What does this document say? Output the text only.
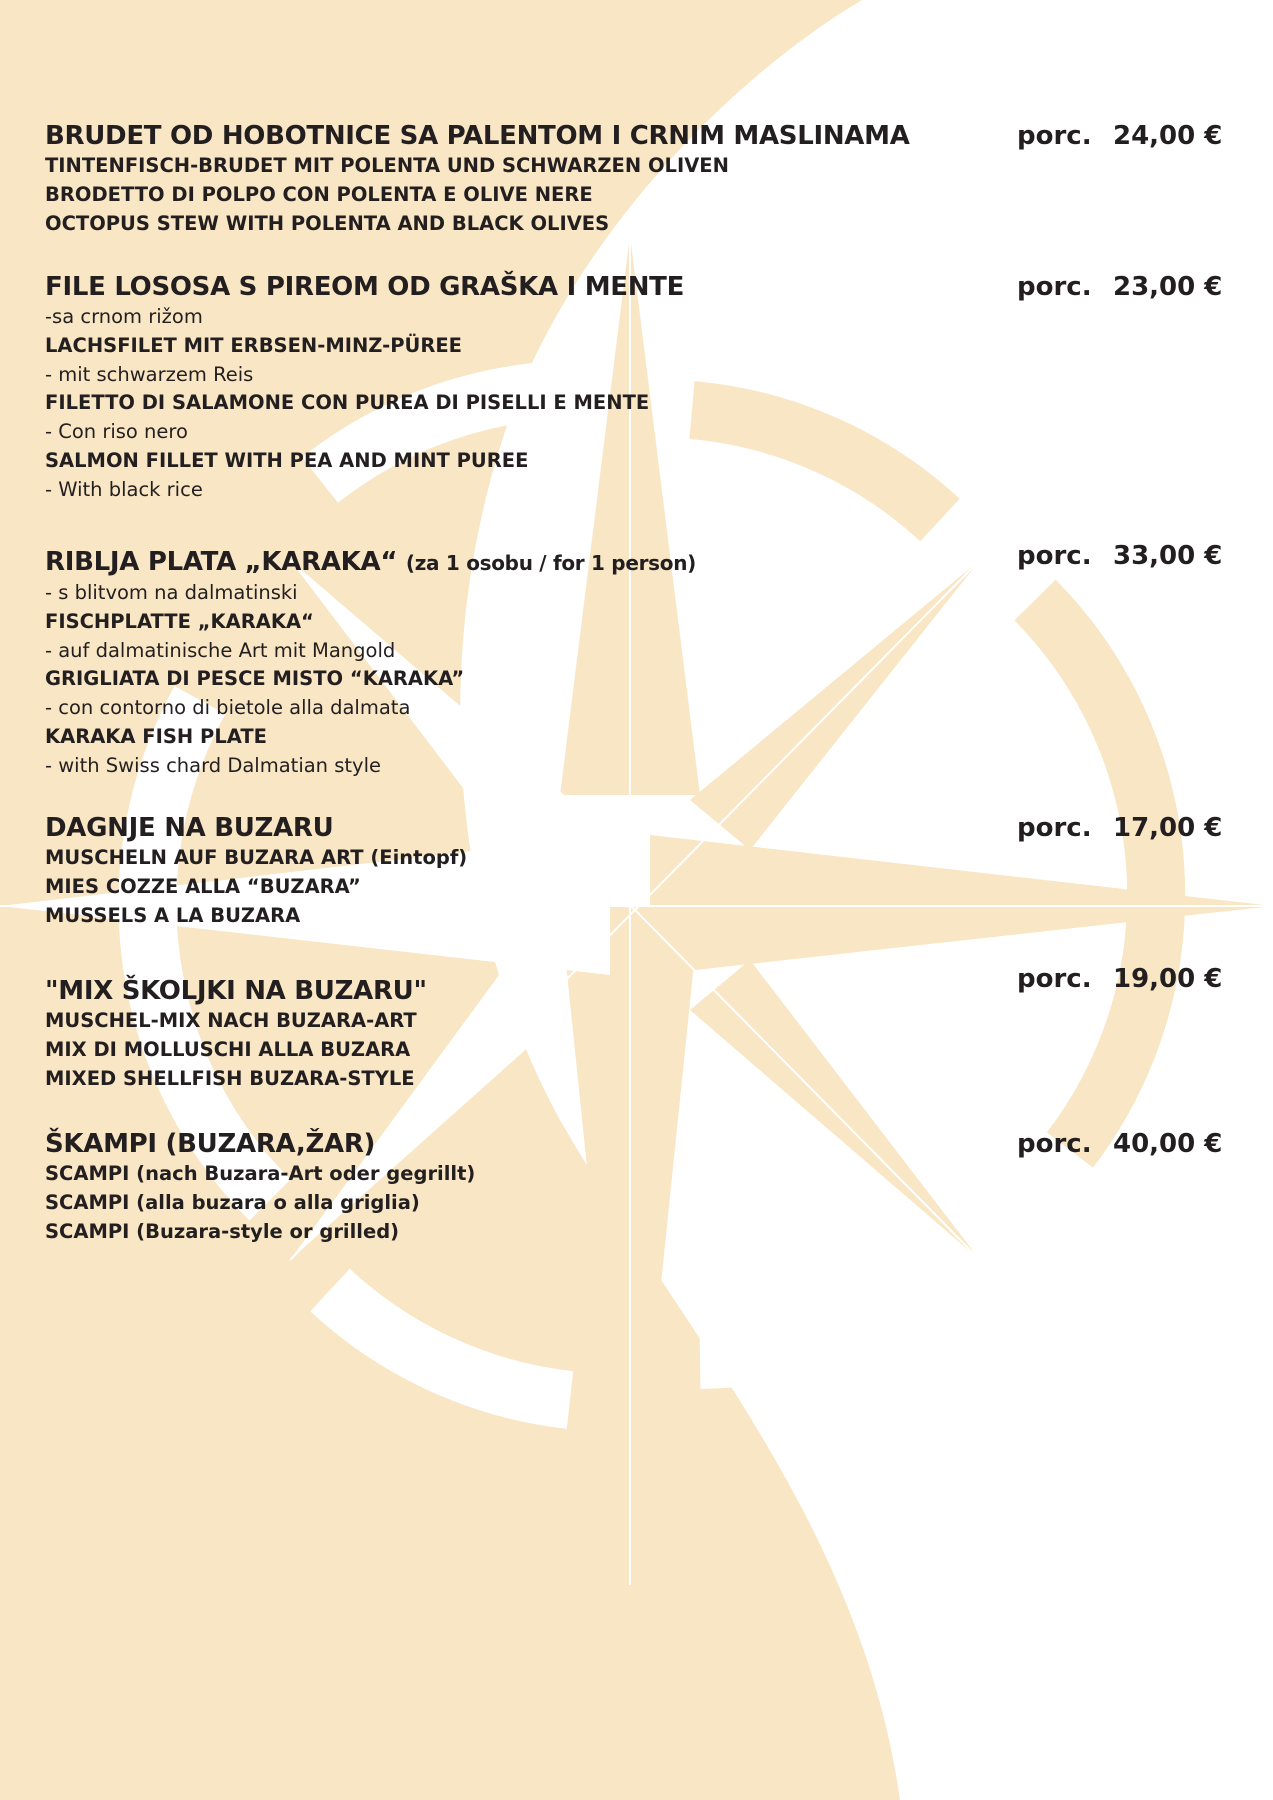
BRUDET OD HOBOTNICE SA PALENTOM I CRNIM MASLINAMA
TINTENFISCH-BRUDET MIT POLENTA UND SCHWARZEN OLIVEN
BRODETTO DI POLPO CON POLENTA E OLIVE NERE
OCTOPUS STEW WITH POLENTA AND BLACK OLIVES
porc. 24,00 €
FILE LOSOSA S PIREOM OD GRAŠKA I MENTE
-sa crnom rižom
LACHSFILET MIT ERBSEN-MINZ-PÜREE
- mit schwarzem Reis
FILETTO DI SALAMONE CON PUREA DI PISELLI E MENTE
- Con riso nero
SALMON FILLET WITH PEA AND MINT PUREE
- With black rice
porc. 23,00 €
RIBLJA PLATA „KARAKA“ (za 1 osobu / for 1 person)
- s blitvom na dalmatinski
FISCHPLATTE „KARAKA“
- auf dalmatinische Art mit Mangold
GRIGLIATA DI PESCE MISTO “KARAKA”
- con contorno di bietole alla dalmata
KARAKA FISH PLATE
- with Swiss chard Dalmatian style
porc. 33,00 €
DAGNJE NA BUZARU
MUSCHELN AUF BUZARA ART (Eintopf)
MIES COZZE ALLA “BUZARA”
MUSSELS A LA BUZARA
porc. 17,00 €
"MIX ŠKOLJKI NA BUZARU"
MUSCHEL-MIX NACH BUZARA-ART
MIX DI MOLLUSCHI ALLA BUZARA
MIXED SHELLFISH BUZARA-STYLE
porc. 19,00 €
ŠKAMPI (BUZARA,ŽAR)
SCAMPI (nach Buzara-Art oder gegrillt)
SCAMPI (alla buzara o alla griglia)
SCAMPI (Buzara-style or grilled)
porc. 40,00 €
